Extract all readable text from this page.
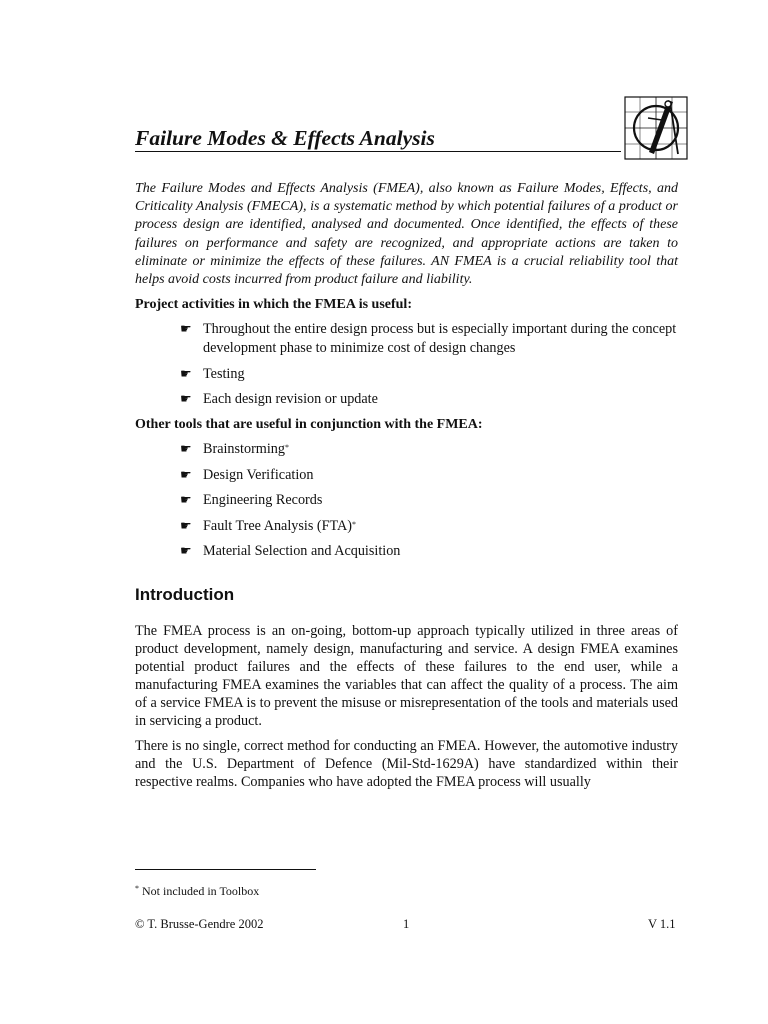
Failure Modes & Effects Analysis

The Failure Modes and Effects Analysis (FMEA), also known as Failure Modes, Effects, and Criticality Analysis (FMECA), is a systematic method by which potential failures of a product or process design are identified, analysed and documented. Once identified, the effects of these failures on performance and safety are recognized, and appropriate actions are taken to eliminate or minimize the effects of these failures. AN FMEA is a crucial reliability tool that helps avoid costs incurred from product failure and liability.

Project activities in which the FMEA is useful:

☛ Throughout the entire design process but is especially important during the concept development phase to minimize cost of design changes
☛ Testing
☛ Each design revision or update

Other tools that are useful in conjunction with the FMEA:

☛ Brainstorming*
☛ Design Verification
☛ Engineering Records
☛ Fault Tree Analysis (FTA)*
☛ Material Selection and Acquisition
Introduction

The FMEA process is an on-going, bottom-up approach typically utilized in three areas of product development, namely design, manufacturing and service. A design FMEA examines potential product failures and the effects of these failures to the end user, while a manufacturing FMEA examines the variables that can affect the quality of a process. The aim of a service FMEA is to prevent the misuse or misrepresentation of the tools and materials used in servicing a product.

There is no single, correct method for conducting an FMEA. However, the automotive industry and the U.S. Department of Defence (Mil-Std-1629A) have standardized within their respective realms. Companies who have adopted the FMEA process will usually

* Not included in Toolbox

© T. Brusse-Gendre 2002	1	V 1.1
